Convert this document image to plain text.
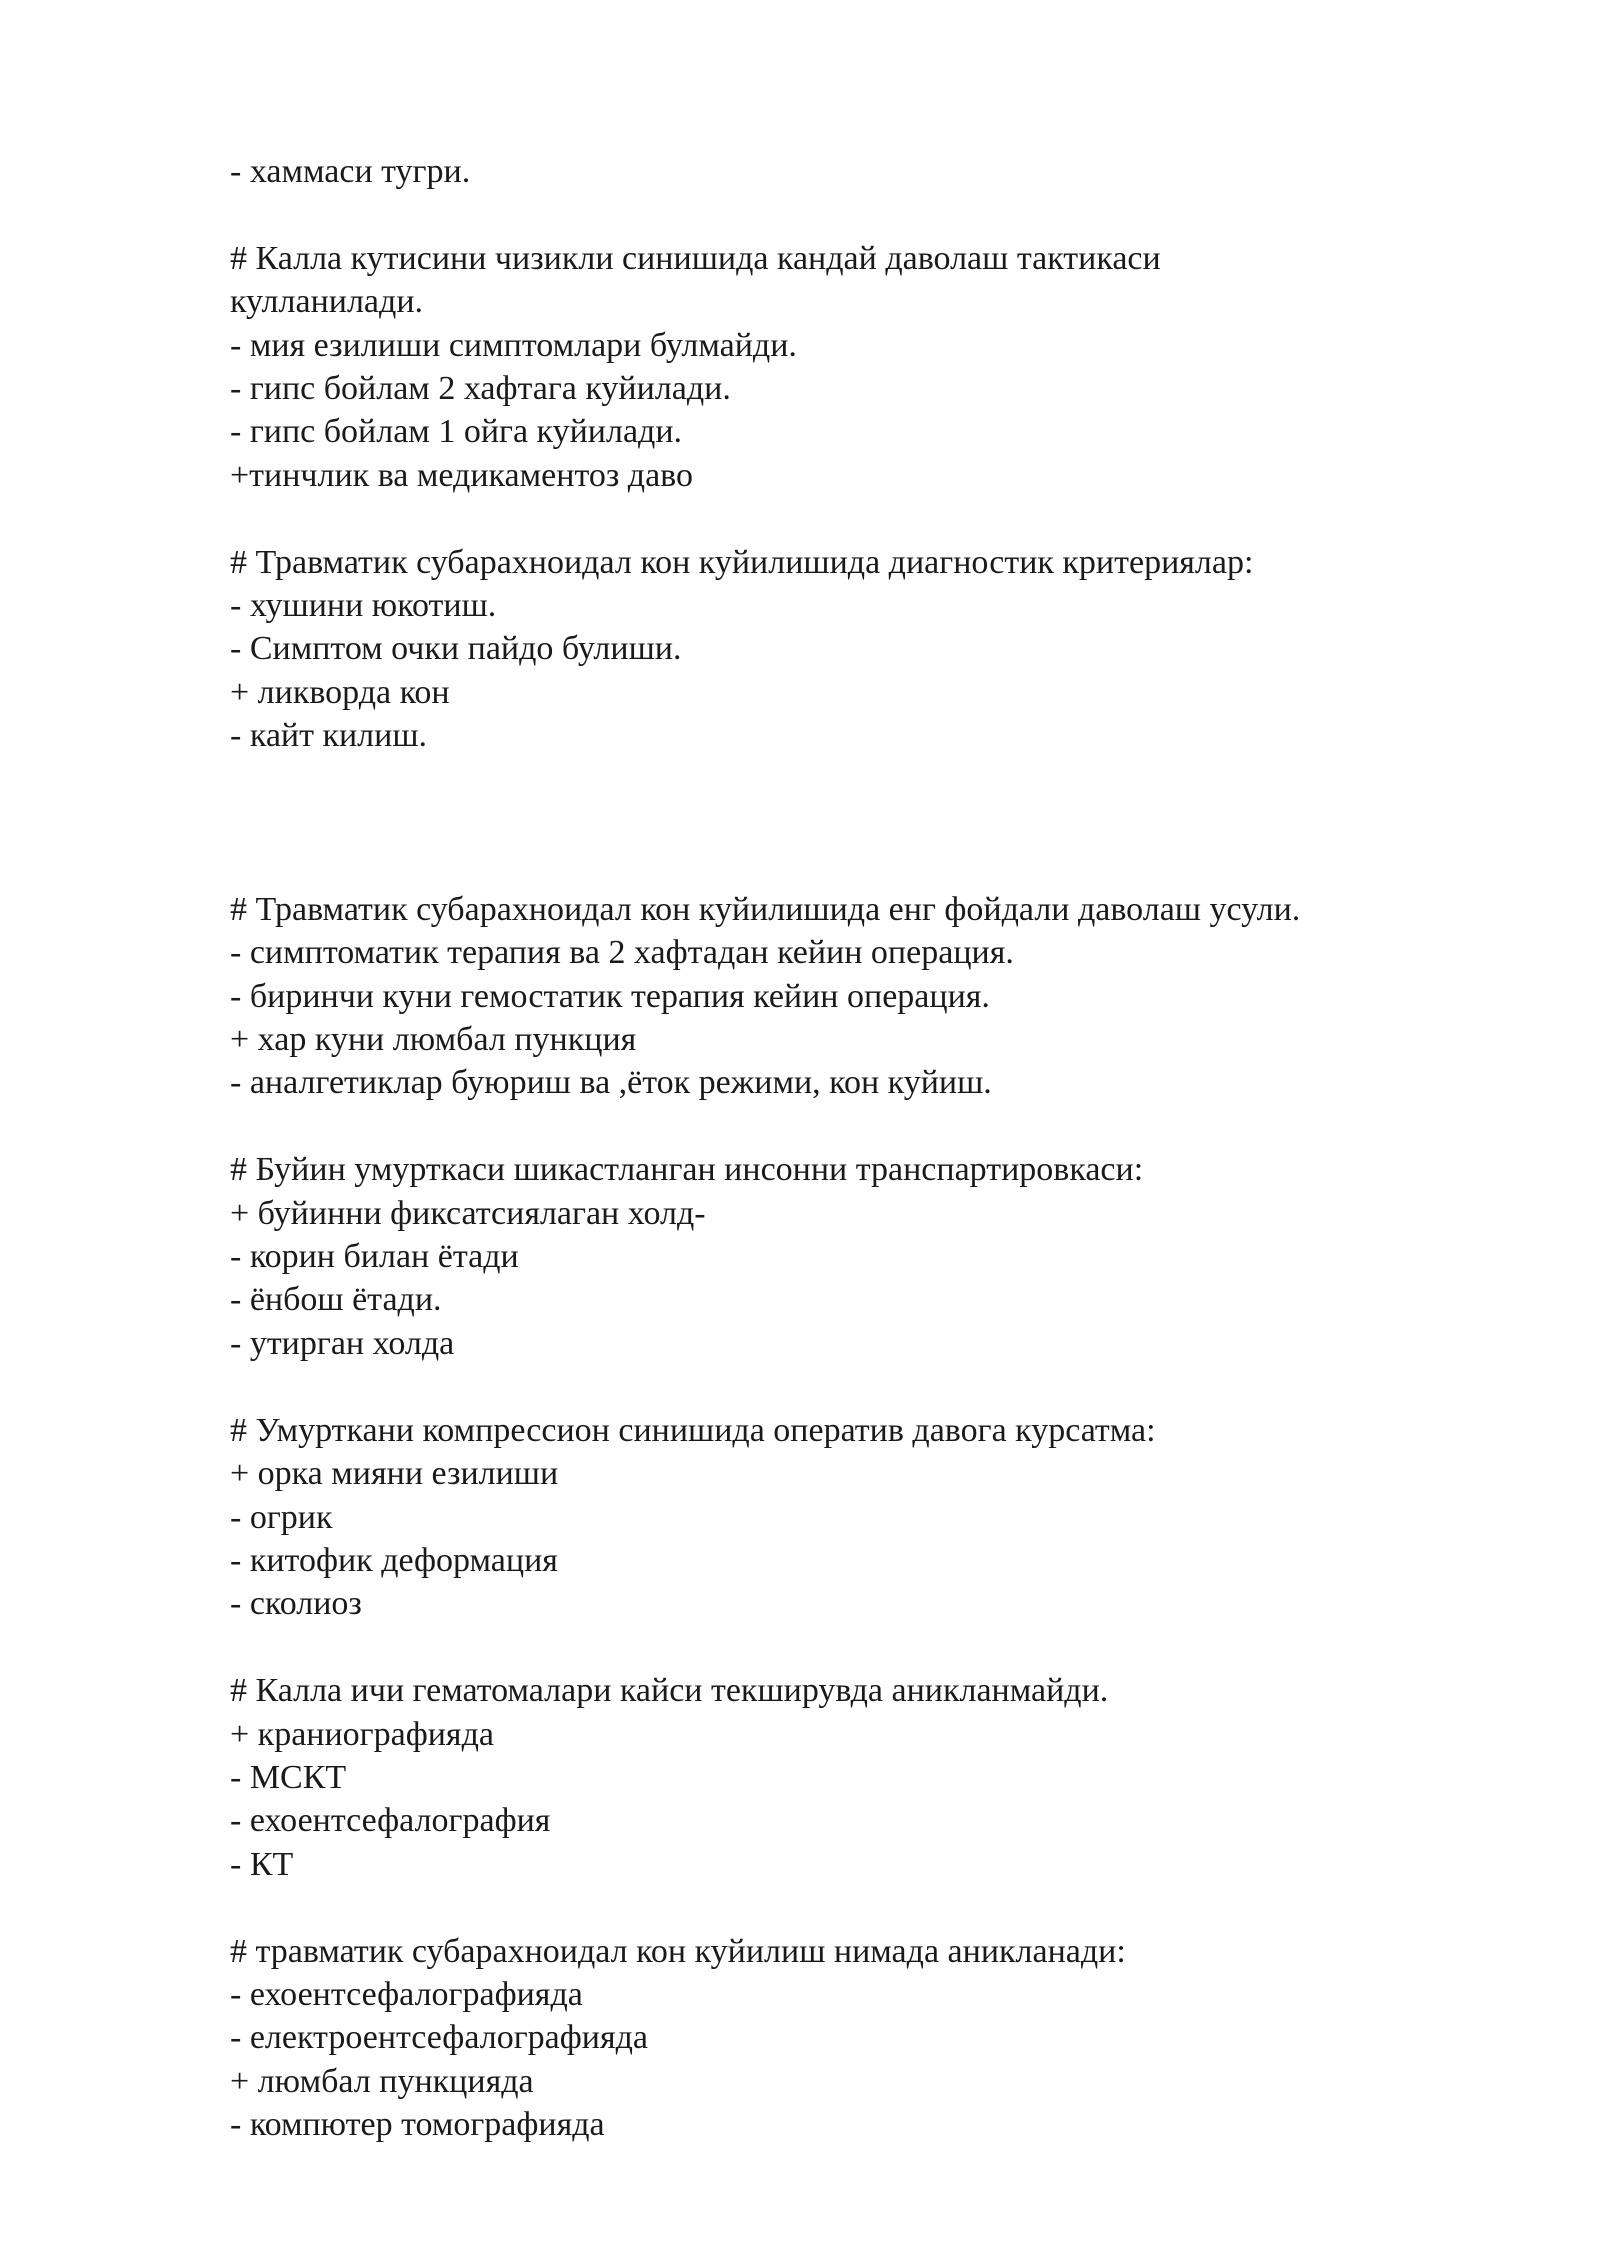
- хаммаси тугри.

# Калла кутисини чизикли синишида кандай даволаш тактикаси кулланилади.

- мия езилиши симптомлари булмайди.

- гипс бойлам 2 хафтага куйилади.

- гипс бойлам 1 ойга куйилади.

+тинчлик ва медикаментоз даво

# Травматик субарахноидал кон куйилишида диагностик критериялар:

- хушини юкотиш.

- Симптом очки пайдо булиши.

+ ликворда кон

- кайт килиш.

# Травматик субарахноидал кон куйилишида енг фойдали даволаш усули.

- симптоматик терапия ва 2 хафтадан кейин операция.

- биринчи куни гемостатик терапия кейин операция.

+ хар куни люмбал пункция

- аналгетиклар буюриш ва ,ёток режими, кон куйиш.

# Буйин умурткаси шикастланган инсонни транспартировкаси:

+ буйинни фиксатсиялаган холд-

- корин билан ётади

- ёнбош ётади.

- утирган холда

# Умурткани компрессион синишида оператив давога курсатма:

+ орка мияни езилиши

- огрик

- китофик деформация

- сколиоз

# Калла ичи гематомалари кайси текширувда аникланмайди.

+ краниографияда

- МСКТ

- ехоентсефалография

- КТ

# травматик субарахноидал кон куйилиш нимада аникланади:

- ехоентсефалографияда

- електроентсефалографияда

+ люмбал пункцияда

- компютер томографияда
